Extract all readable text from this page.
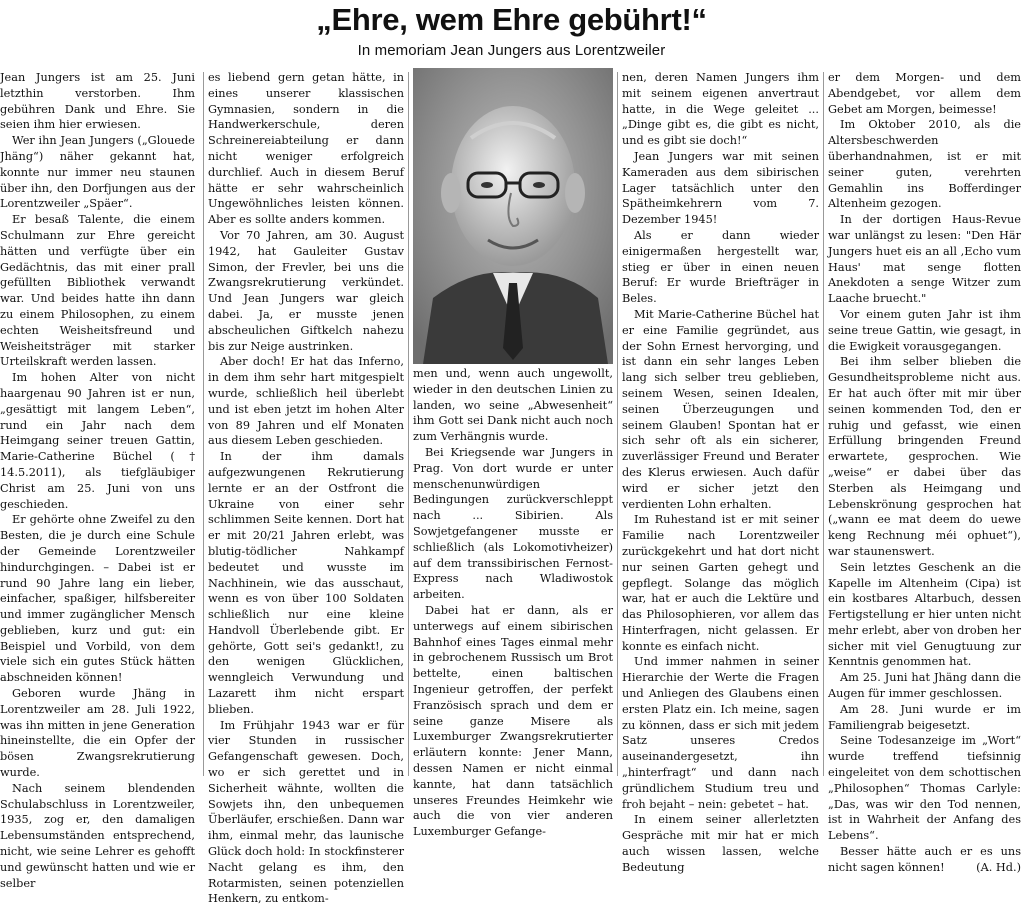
„Ehre, wem Ehre gebührt!“
In memoriam Jean Jungers aus Lorentzweiler

Jean Jungers ist am 25. Juni letzthin verstorben. Ihm gebühren Dank und Ehre. Sie seien ihm hier erwiesen.

Wer ihn Jean Jungers („Glouede Jhäng“) näher gekannt hat, konnte nur immer neu staunen über ihn, den Dorfjungen aus der Lorentzweiler „Späer“.

Er besaß Talente, die einem Schulmann zur Ehre gereicht hätten und verfügte über ein Gedächtnis, das mit einer prall gefüllten Bibliothek verwandt war. Und beides hatte ihn dann zu einem Philosophen, zu einem echten Weisheitsfreund und Weisheitsträger mit starker Urteilskraft werden lassen.

Im hohen Alter von nicht haargenau 90 Jahren ist er nun, „gesättigt mit langem Leben“, rund ein Jahr nach dem Heimgang seiner treuen Gattin, Marie-Catherine Büchel († 14.5.2011), als tiefgläubiger Christ am 25. Juni von uns geschieden.

Er gehörte ohne Zweifel zu den Besten, die je durch eine Schule der Gemeinde Lorentzweiler hindurchgingen. – Dabei ist er rund 90 Jahre lang ein lieber, einfacher, spaßiger, hilfsbereiter und immer zugänglicher Mensch geblieben, kurz und gut: ein Beispiel und Vorbild, von dem viele sich ein gutes Stück hätten abschneiden können!

Geboren wurde Jhäng in Lorentzweiler am 28. Juli 1922, was ihn mitten in jene Generation hineinstellte, die ein Opfer der bösen Zwangsrekrutierung wurde.

Nach seinem blendenden Schulabschluss in Lorentzweiler, 1935, zog er, den damaligen Lebensumständen entsprechend, nicht, wie seine Lehrer es gehofft und gewünscht hatten und wie er selber

es liebend gern getan hätte, in eines unserer klassischen Gymnasien, sondern in die Handwerkerschule, deren Schreinereiabteilung er dann nicht weniger erfolgreich durchlief. Auch in diesem Beruf hätte er sehr wahrscheinlich Ungewöhnliches leisten können. Aber es sollte anders kommen.

Vor 70 Jahren, am 30. August 1942, hat Gauleiter Gustav Simon, der Frevler, bei uns die Zwangsrekrutierung verkündet. Und Jean Jungers war gleich dabei. Ja, er musste jenen abscheulichen Giftkelch nahezu bis zur Neige austrinken.

Aber doch! Er hat das Inferno, in dem ihm sehr hart mitgespielt wurde, schließlich heil überlebt und ist eben jetzt im hohen Alter von 89 Jahren und elf Monaten aus diesem Leben geschieden.

In der ihm damals aufgezwungenen Rekrutierung lernte er an der Ostfront die Ukraine von einer sehr schlimmen Seite kennen. Dort hat er mit 20/21 Jahren erlebt, was blutig-tödlicher Nahkampf bedeutet und wusste im Nachhinein, wie das ausschaut, wenn es von über 100 Soldaten schließlich nur eine kleine Handvoll Überlebende gibt. Er gehörte, Gott sei's gedankt!, zu den wenigen Glücklichen, wenngleich Verwundung und Lazarett ihm nicht erspart blieben.

Im Frühjahr 1943 war er für vier Stunden in russischer Gefangenschaft gewesen. Doch, wo er sich gerettet und in Sicherheit wähnte, wollten die Sowjets ihn, den unbequemen Überläufer, erschießen. Dann war ihm, einmal mehr, das launische Glück doch hold: In stockfinsterer Nacht gelang es ihm, den Rotarmisten, seinen potenziellen Henkern, zu entkom-

men und, wenn auch ungewollt, wieder in den deutschen Linien zu landen, wo seine „Abwesenheit“ ihm Gott sei Dank nicht auch noch zum Verhängnis wurde.

Bei Kriegsende war Jungers in Prag. Von dort wurde er unter menschenunwürdigen Bedingungen zurückverschleppt nach ... Sibirien. Als Sowjetgefangener musste er schließlich (als Lokomotivheizer) auf dem transsibirischen Fernost-Express nach Wladiwostok arbeiten.

Dabei hat er dann, als er unterwegs auf einem sibirischen Bahnhof eines Tages einmal mehr in gebrochenem Russisch um Brot bettelte, einen baltischen Ingenieur getroffen, der perfekt Französisch sprach und dem er seine ganze Misere als Luxemburger Zwangsrekrutierter erläutern konnte: Jener Mann, dessen Namen er nicht einmal kannte, hat dann tatsächlich unseres Freundes Heimkehr wie auch die von vier anderen Luxemburger Gefange-

nen, deren Namen Jungers ihm mit seinem eigenen anvertraut hatte, in die Wege geleitet ... „Dinge gibt es, die gibt es nicht, und es gibt sie doch!“

Jean Jungers war mit seinen Kameraden aus dem sibirischen Lager tatsächlich unter den Spätheimkehrern vom 7. Dezember 1945!

Als er dann wieder einigermaßen hergestellt war, stieg er über in einen neuen Beruf: Er wurde Briefträger in Beles.

Mit Marie-Catherine Büchel hat er eine Familie gegründet, aus der Sohn Ernest hervorging, und ist dann ein sehr langes Leben lang sich selber treu geblieben, seinem Wesen, seinen Idealen, seinen Überzeugungen und seinem Glauben! Spontan hat er sich sehr oft als ein sicherer, zuverlässiger Freund und Berater des Klerus erwiesen. Auch dafür wird er sicher jetzt den verdienten Lohn erhalten.

Im Ruhestand ist er mit seiner Familie nach Lorentzweiler zurückgekehrt und hat dort nicht nur seinen Garten gehegt und gepflegt. Solange das möglich war, hat er auch die Lektüre und das Philosophieren, vor allem das Hinterfragen, nicht gelassen. Er konnte es einfach nicht.

Und immer nahmen in seiner Hierarchie der Werte die Fragen und Anliegen des Glaubens einen ersten Platz ein. Ich meine, sagen zu können, dass er sich mit jedem Satz unseres Credos auseinandergesetzt, ihn „hinterfragt“ und dann nach gründlichem Studium treu und froh bejaht – nein: gebetet – hat.

In einem seiner allerletzten Gespräche mit mir hat er mich auch wissen lassen, welche Bedeutung

er dem Morgen- und dem Abendgebet, vor allem dem Gebet am Morgen, beimesse!

Im Oktober 2010, als die Altersbeschwerden überhandnahmen, ist er mit seiner guten, verehrten Gemahlin ins Bofferdinger Altenheim gezogen.

In der dortigen Haus-Revue war unlängst zu lesen: "Den Här Jungers huet eis an all ,Echo vum Haus' mat senge flotten Anekdoten a senge Witzer zum Laache bruecht."

Vor einem guten Jahr ist ihm seine treue Gattin, wie gesagt, in die Ewigkeit vorausgegangen.

Bei ihm selber blieben die Gesundheitsprobleme nicht aus. Er hat auch öfter mit mir über seinen kommenden Tod, den er ruhig und gefasst, wie einen Erfüllung bringenden Freund erwartete, gesprochen. Wie „weise“ er dabei über das Sterben als Heimgang und Lebenskrönung gesprochen hat („wann ee mat deem do uewe keng Rechnung méi ophuet“), war staunenswert.

Sein letztes Geschenk an die Kapelle im Altenheim (Cipa) ist ein kostbares Altarbuch, dessen Fertigstellung er hier unten nicht mehr erlebt, aber von droben her sicher mit viel Genugtuung zur Kenntnis genommen hat.

Am 25. Juni hat Jhäng dann die Augen für immer geschlossen.

Am 28. Juni wurde er im Familiengrab beigesetzt.

Seine Todesanzeige im „Wort“ wurde treffend tiefsinnig eingeleitet von dem schottischen „Philosophen“ Thomas Carlyle: „Das, was wir den Tod nennen, ist in Wahrheit der Anfang des Lebens“.

Besser hätte auch er es uns nicht sagen können!	(A. Hd.)
